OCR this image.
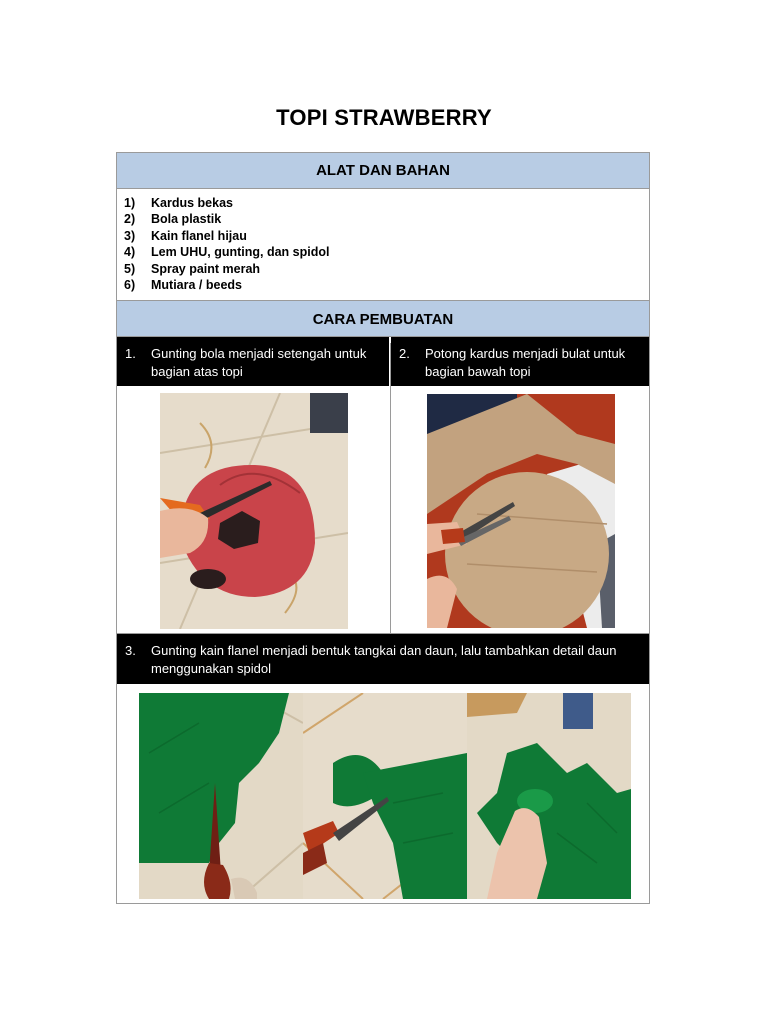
TOPI STRAWBERRY
ALAT DAN BAHAN
1) Kardus bekas
2) Bola plastik
3) Kain flanel hijau
4) Lem UHU, gunting, dan spidol
5) Spray paint merah
6) Mutiara / beeds
CARA PEMBUATAN
1. Gunting bola menjadi setengah untuk bagian atas topi
2. Potong kardus menjadi bulat untuk bagian bawah topi
3. Gunting kain flanel menjadi bentuk tangkai dan daun, lalu tambahkan detail daun menggunakan spidol
